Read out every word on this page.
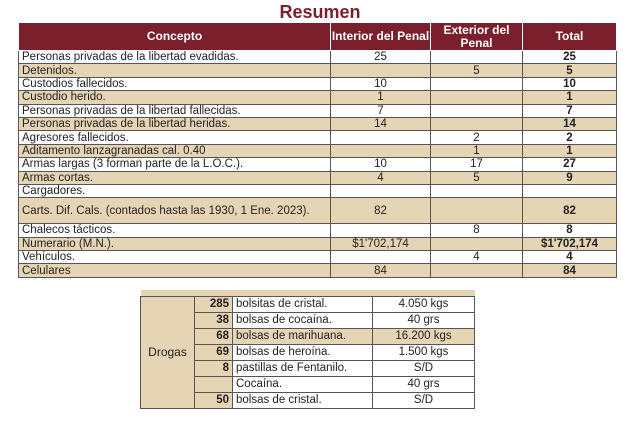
Resumen
Concepto	Interior del Penal	Exterior del Penal	Total
Personas privadas de la libertad evadidas.	25		25
Detenidos.		5	5
Custodios fallecidos.	10		10
Custodio herido.	1		1
Personas privadas de la libertad fallecidas.	7		7
Personas privadas de la libertad heridas.	14		14
Agresores fallecidos.		2	2
Aditamento lanzagranadas cal. 0.40		1	1
Armas largas (3 forman parte de la L.O.C.).	10	17	27
Armas cortas.	4	5	9
Cargadores.			
Carts. Dif. Cals. (contados hasta las 1930, 1 Ene. 2023).	82		82
Chalecos tácticos.		8	8
Numerario (M.N.).	$1'702,174		$1'702,174
Vehículos.		4	4
Celulares	84		84

Drogas	285	bolsitas de cristal.	4.050 kgs
	38	bolsas de cocaína.	40 grs
	68	bolsas de marihuana.	16.200 kgs
	69	bolsas de heroína.	1.500 kgs
	8	pastillas de Fentanilo.	S/D
		Cocaína.	40 grs
	50	bolsas de cristal.	S/D
